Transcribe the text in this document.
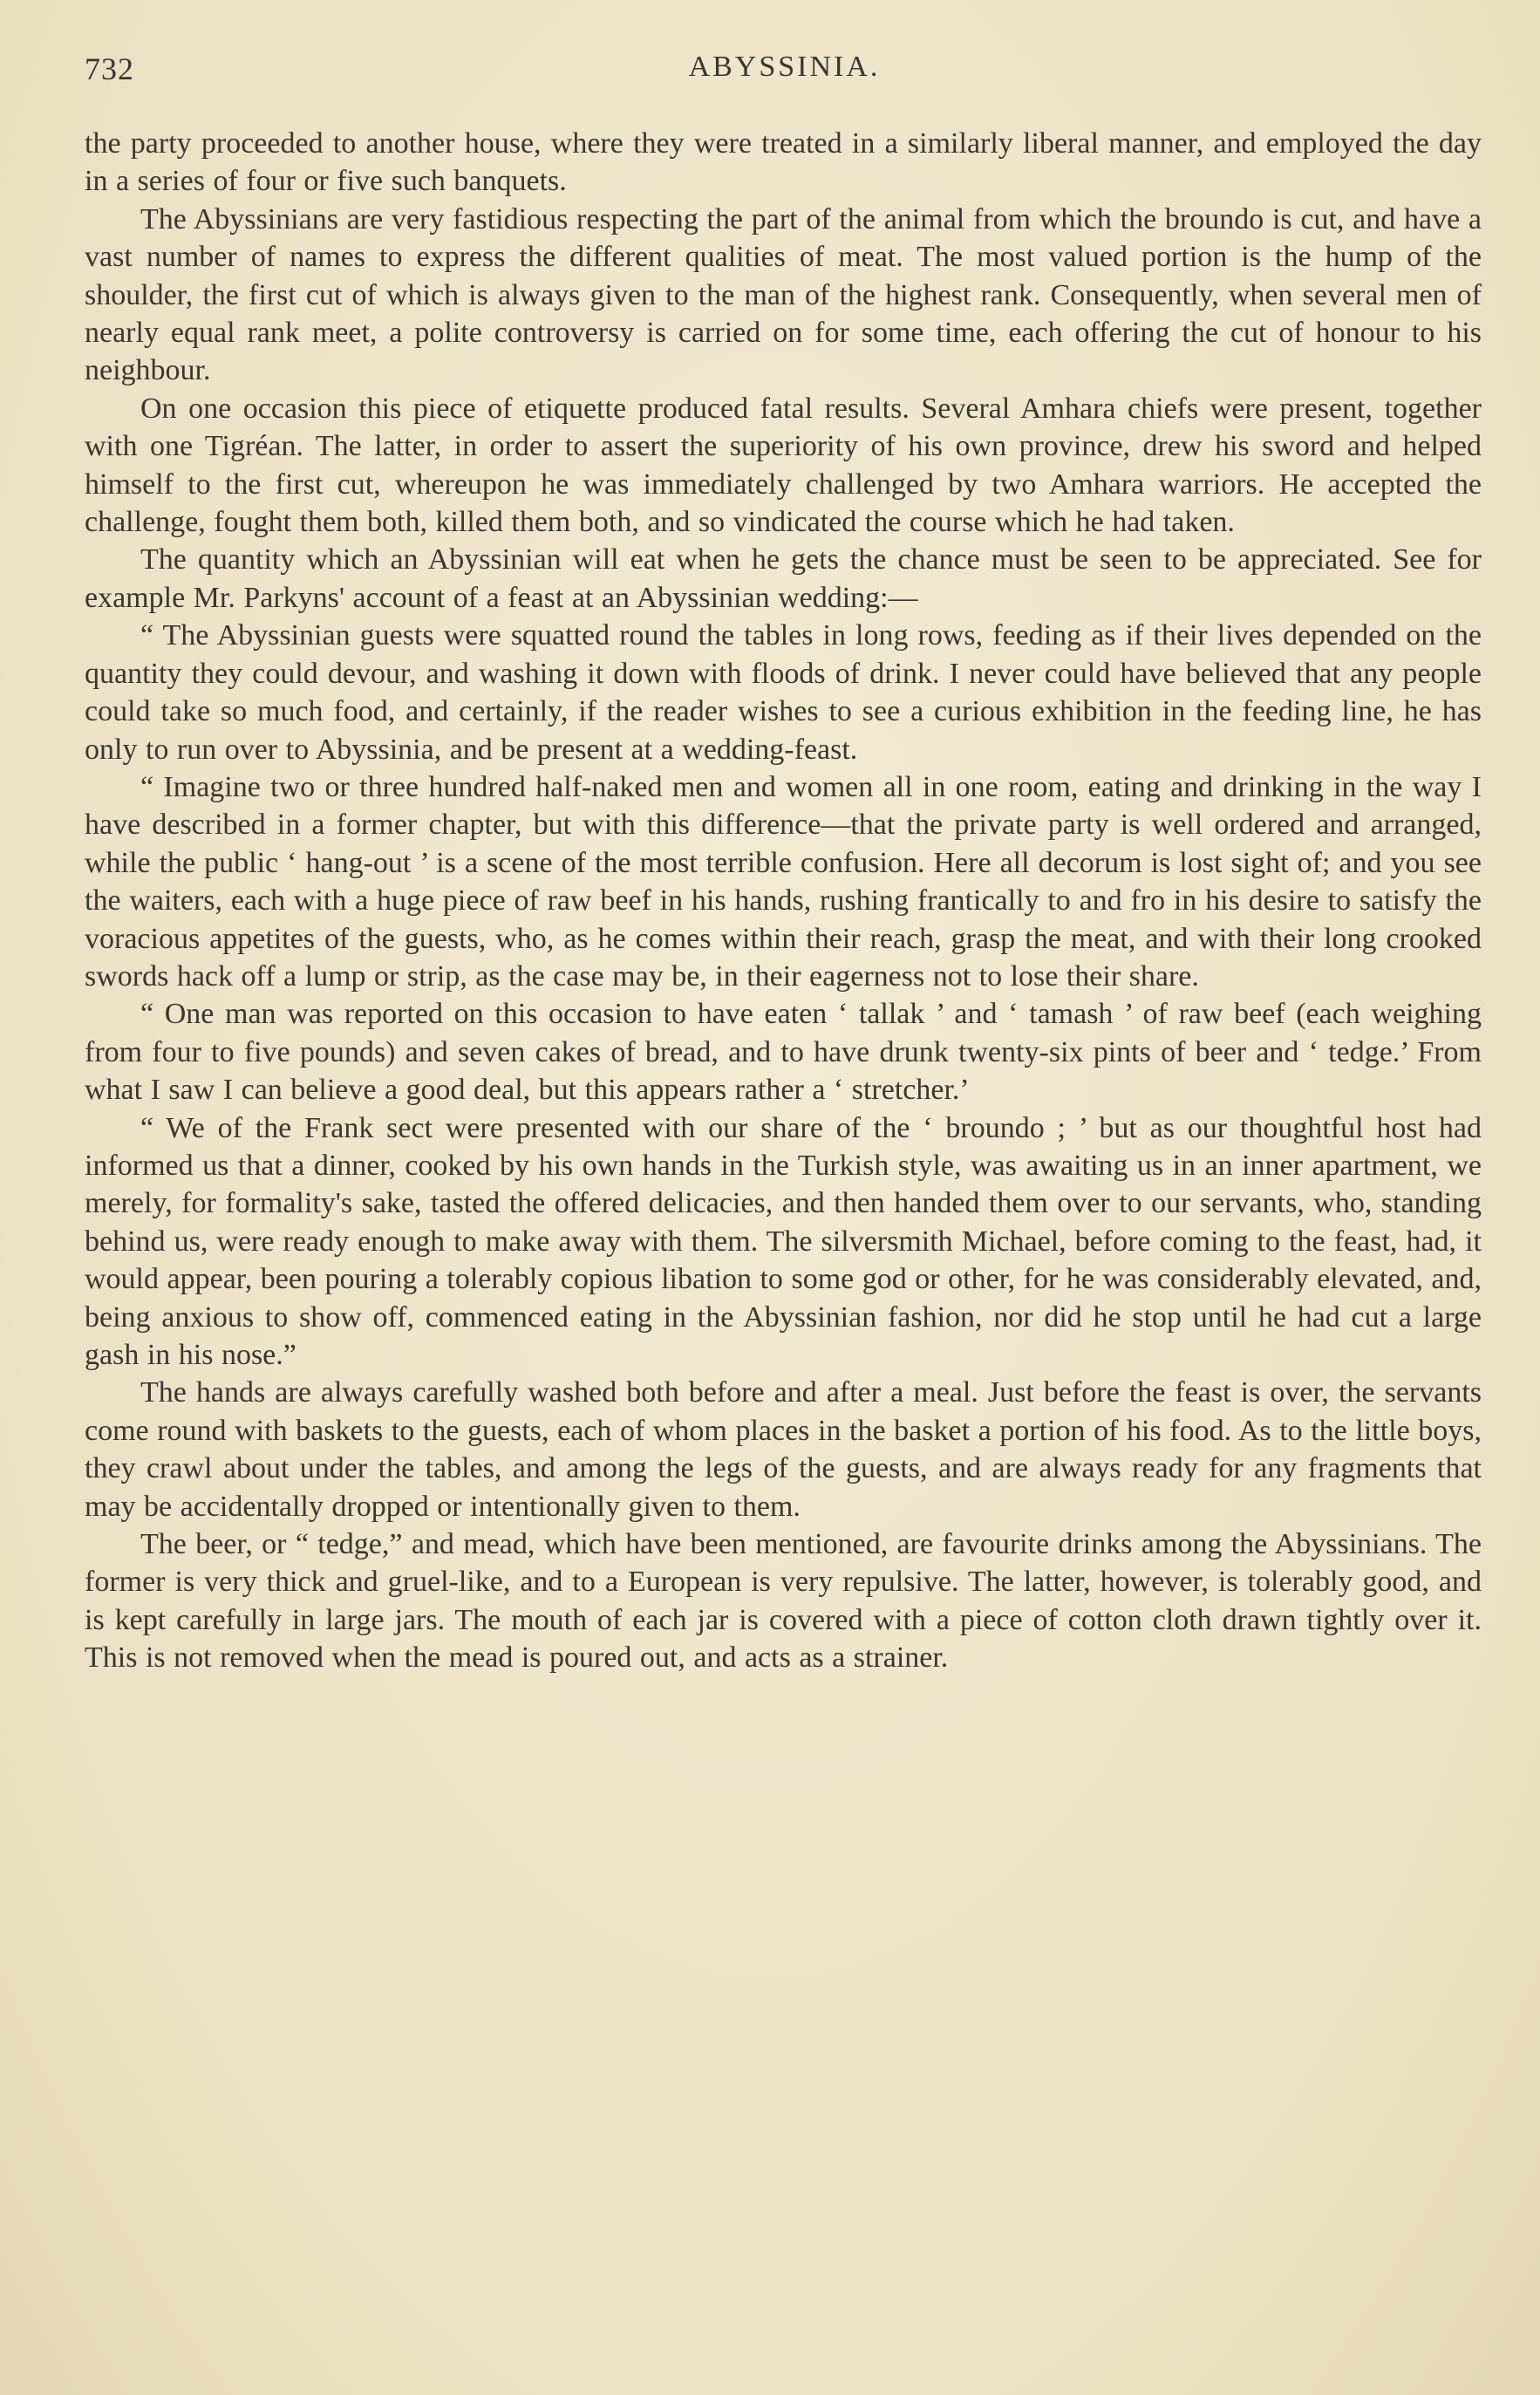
732	ABYSSINIA.

the party proceeded to another house, where they were treated in a similarly liberal manner, and employed the day in a series of four or five such banquets.

The Abyssinians are very fastidious respecting the part of the animal from which the broundo is cut, and have a vast number of names to express the different qualities of meat. The most valued portion is the hump of the shoulder, the first cut of which is always given to the man of the highest rank. Consequently, when several men of nearly equal rank meet, a polite controversy is carried on for some time, each offering the cut of honour to his neighbour.

On one occasion this piece of etiquette produced fatal results. Several Amhara chiefs were present, together with one Tigréan. The latter, in order to assert the superiority of his own province, drew his sword and helped himself to the first cut, whereupon he was immediately challenged by two Amhara warriors. He accepted the challenge, fought them both, killed them both, and so vindicated the course which he had taken.

The quantity which an Abyssinian will eat when he gets the chance must be seen to be appreciated. See for example Mr. Parkyns' account of a feast at an Abyssinian wedding:—

“ The Abyssinian guests were squatted round the tables in long rows, feeding as if their lives depended on the quantity they could devour, and washing it down with floods of drink. I never could have believed that any people could take so much food, and certainly, if the reader wishes to see a curious exhibition in the feeding line, he has only to run over to Abyssinia, and be present at a wedding-feast.

“ Imagine two or three hundred half-naked men and women all in one room, eating and drinking in the way I have described in a former chapter, but with this difference—that the private party is well ordered and arranged, while the public ‘ hang-out ’ is a scene of the most terrible confusion. Here all decorum is lost sight of; and you see the waiters, each with a huge piece of raw beef in his hands, rushing frantically to and fro in his desire to satisfy the voracious appetites of the guests, who, as he comes within their reach, grasp the meat, and with their long crooked swords hack off a lump or strip, as the case may be, in their eagerness not to lose their share.

“ One man was reported on this occasion to have eaten ‘ tallak ’ and ‘ tamash ’ of raw beef (each weighing from four to five pounds) and seven cakes of bread, and to have drunk twenty-six pints of beer and ‘ tedge.’ From what I saw I can believe a good deal, but this appears rather a ‘ stretcher.’

“ We of the Frank sect were presented with our share of the ‘ broundo ; ’ but as our thoughtful host had informed us that a dinner, cooked by his own hands in the Turkish style, was awaiting us in an inner apartment, we merely, for formality's sake, tasted the offered delicacies, and then handed them over to our servants, who, standing behind us, were ready enough to make away with them. The silversmith Michael, before coming to the feast, had, it would appear, been pouring a tolerably copious libation to some god or other, for he was considerably elevated, and, being anxious to show off, commenced eating in the Abyssinian fashion, nor did he stop until he had cut a large gash in his nose.”

The hands are always carefully washed both before and after a meal. Just before the feast is over, the servants come round with baskets to the guests, each of whom places in the basket a portion of his food. As to the little boys, they crawl about under the tables, and among the legs of the guests, and are always ready for any fragments that may be accidentally dropped or intentionally given to them.

The beer, or “ tedge,” and mead, which have been mentioned, are favourite drinks among the Abyssinians. The former is very thick and gruel-like, and to a European is very repulsive. The latter, however, is tolerably good, and is kept carefully in large jars. The mouth of each jar is covered with a piece of cotton cloth drawn tightly over it. This is not removed when the mead is poured out, and acts as a strainer.
